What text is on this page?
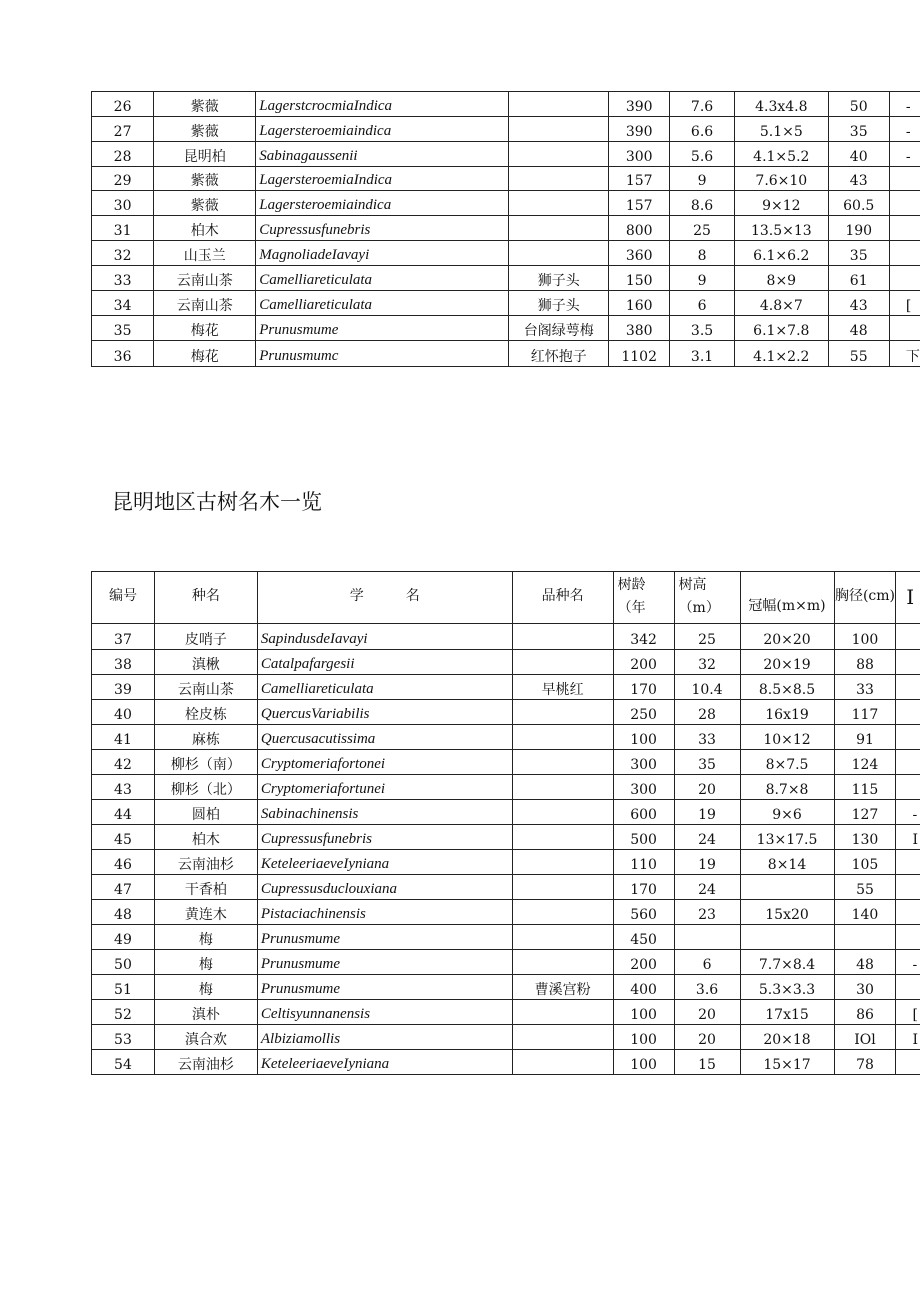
26	紫薇	LagerstcrocmiaIndica		390	7.6	4.3x4.8	50	-
27	紫薇	Lagersteroemiaindica		390	6.6	5.1×5	35	-
28	昆明柏	Sabinagaussenii		300	5.6	4.1×5.2	40	-
29	紫薇	LagersteroemiaIndica		157	9	7.6×10	43	
30	紫薇	Lagersteroemiaindica		157	8.6	9×12	60.5	
31	柏木	Cupressusfunebris		800	25	13.5×13	190	
32	山玉兰	MagnoliadeIavayi		360	8	6.1×6.2	35	
33	云南山茶	Camelliareticulata	狮子头	150	9	8×9	61	
34	云南山茶	Camelliareticulata	狮子头	160	6	4.8×7	43	[
35	梅花	Prunusmume	台阁绿萼梅	380	3.5	6.1×7.8	48	
36	梅花	Prunusmumc	红怀抱子	1102	3.1	4.1×2.2	55	下
昆明地区古树名木一览
编号	种名	学　　　名	品种名	树龄（年	树高（m）	冠幅(m×m)	胸径(cm)	I
37	皮哨子	SapindusdeIavayi		342	25	20×20	100	
38	滇楸	Catalpafargesii		200	32	20×19	88	
39	云南山茶	Camelliareticulata	早桃红	170	10.4	8.5×8.5	33	
40	栓皮栋	QuercusVariabilis		250	28	16x19	117	
41	麻栋	Quercusacutissima		100	33	10×12	91	
42	柳杉（南）	Cryptomeriafortonei		300	35	8×7.5	124	
43	柳杉（北）	Cryptomeriafortunei		300	20	8.7×8	115	
44	圆柏	Sabinachinensis		600	19	9×6	127	-
45	柏木	Cupressusfunebris		500	24	13×17.5	130	I
46	云南油杉	KeteleeriaeveIyniana		110	19	8×14	105	
47	干香柏	Cupressusduclouxiana		170	24		55	
48	黄连木	Pistaciachinensis		560	23	15x20	140	
49	梅	Prunusmume		450				
50	梅	Prunusmume		200	6	7.7×8.4	48	-
51	梅	Prunusmume	曹溪宫粉	400	3.6	5.3×3.3	30	
52	滇朴	Celtisyunnanensis		100	20	17x15	86	[
53	滇合欢	Albiziamollis		100	20	20×18	IOl	I
54	云南油杉	KeteleeriaeveIyniana		100	15	15×17	78	
